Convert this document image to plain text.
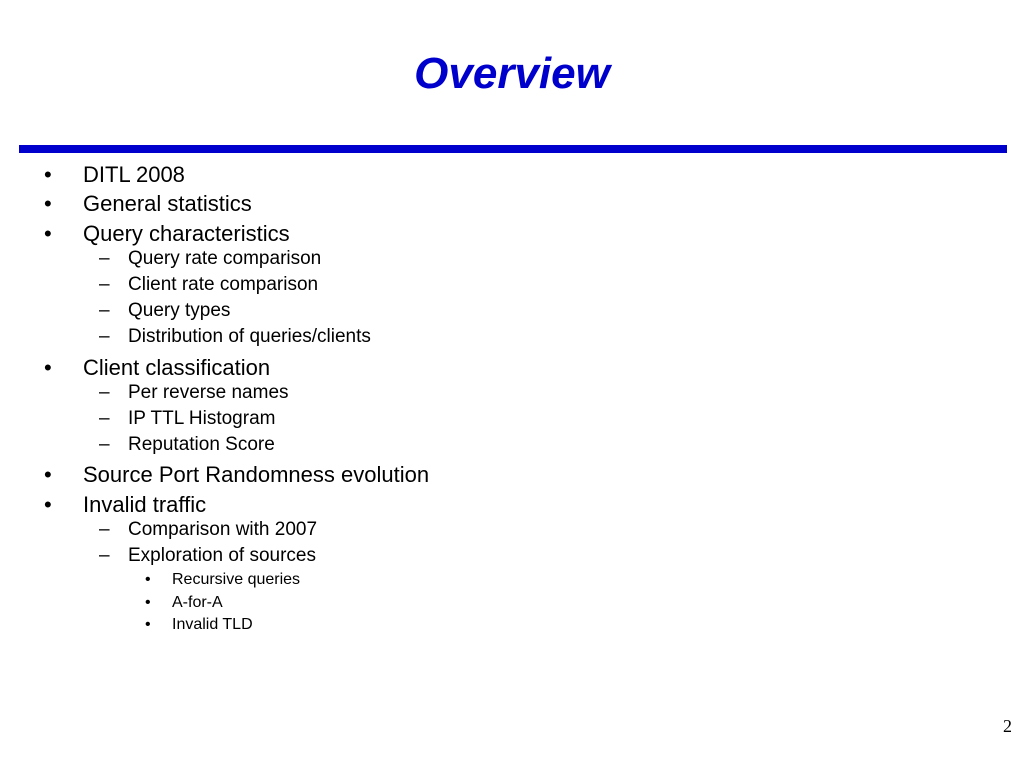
Overview
• DITL 2008
• General statistics
• Query characteristics
– Query rate comparison
– Client rate comparison
– Query types
– Distribution of queries/clients
• Client classification
– Per reverse names
– IP TTL Histogram
– Reputation Score
• Source Port Randomness evolution
• Invalid traffic
– Comparison with 2007
– Exploration of sources
• Recursive queries
• A-for-A
• Invalid TLD
2
